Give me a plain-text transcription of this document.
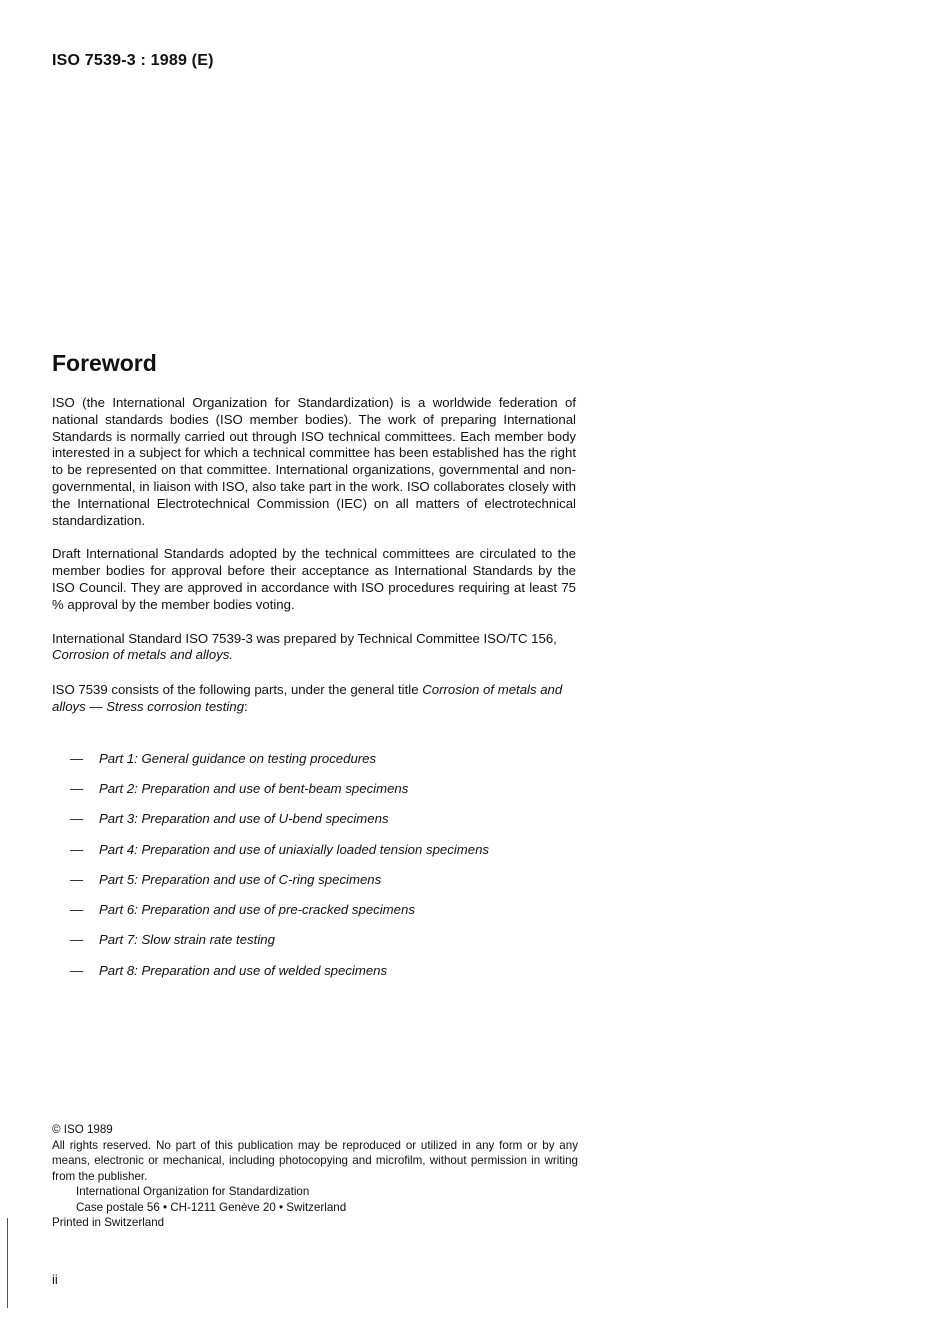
ISO 7539-3 : 1989 (E)
Foreword

ISO (the International Organization for Standardization) is a worldwide federation of national standards bodies (ISO member bodies). The work of preparing International Standards is normally carried out through ISO technical committees. Each member body interested in a subject for which a technical committee has been established has the right to be represented on that committee. International organizations, governmental and non-governmental, in liaison with ISO, also take part in the work. ISO collaborates closely with the International Electrotechnical Commission (IEC) on all matters of electrotechnical standardization.

Draft International Standards adopted by the technical committees are circulated to the member bodies for approval before their acceptance as International Standards by the ISO Council. They are approved in accordance with ISO procedures requiring at least 75 % approval by the member bodies voting.

International Standard ISO 7539-3 was prepared by Technical Committee ISO/TC 156, Corrosion of metals and alloys.

ISO 7539 consists of the following parts, under the general title Corrosion of metals and alloys — Stress corrosion testing:

— Part 1: General guidance on testing procedures
— Part 2: Preparation and use of bent-beam specimens
— Part 3: Preparation and use of U-bend specimens
— Part 4: Preparation and use of uniaxially loaded tension specimens
— Part 5: Preparation and use of C-ring specimens
— Part 6: Preparation and use of pre-cracked specimens
— Part 7: Slow strain rate testing
— Part 8: Preparation and use of welded specimens

© ISO 1989

All rights reserved. No part of this publication may be reproduced or utilized in any form or by any means, electronic or mechanical, including photocopying and microfilm, without permission in writing from the publisher.

International Organization for Standardization

Case postale 56 • CH-1211 Genève 20 • Switzerland

Printed in Switzerland

ii
